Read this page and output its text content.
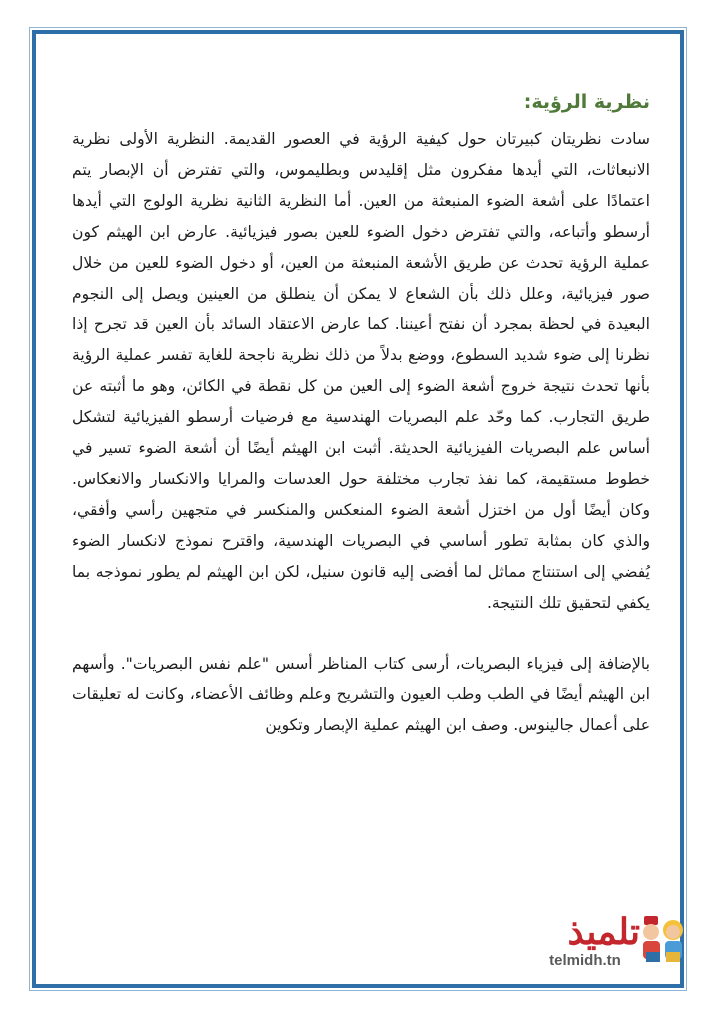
نظرية الرؤية:

سادت نظريتان كبيرتان حول كيفية الرؤية في العصور القديمة. النظرية الأولى نظرية الانبعاثات، التي أيدها مفكرون مثل إقليدس وبطليموس، والتي تفترض أن الإبصار يتم اعتمادًا على أشعة الضوء المنبعثة من العين. أما النظرية الثانية نظرية الولوج التي أيدها أرسطو وأتباعه، والتي تفترض دخول الضوء للعين بصور فيزيائية. عارض ابن الهيثم كون عملية الرؤية تحدث عن طريق الأشعة المنبعثة من العين، أو دخول الضوء للعين من خلال صور فيزيائية، وعلل ذلك بأن الشعاع لا يمكن أن ينطلق من العينين ويصل إلى النجوم البعيدة في لحظة بمجرد أن نفتح أعيننا. كما عارض الاعتقاد السائد بأن العين قد تجرح إذا نظرنا إلى ضوء شديد السطوع، ووضع بدلاً من ذلك نظرية ناجحة للغاية تفسر عملية الرؤية بأنها تحدث نتيجة خروج أشعة الضوء إلى العين من كل نقطة في الكائن، وهو ما أثبته عن طريق التجارب. كما وحّد علم البصريات الهندسية مع فرضيات أرسطو الفيزيائية لتشكل أساس علم البصريات الفيزيائية الحديثة. أثبت ابن الهيثم أيضًا أن أشعة الضوء تسير في خطوط مستقيمة، كما نفذ تجارب مختلفة حول العدسات والمرايا والانكسار والانعكاس. وكان أيضًا أول من اختزل أشعة الضوء المنعكس والمنكسر في متجهين رأسي وأفقي، والذي كان بمثابة تطور أساسي في البصريات الهندسية، واقترح نموذج لانكسار الضوء يُفضي إلى استنتاج مماثل لما أفضى إليه قانون سنيل، لكن ابن الهيثم لم يطور نموذجه بما يكفي لتحقيق تلك النتيجة.

بالإضافة إلى فيزياء البصريات، أرسى كتاب المناظر أسس "علم نفس البصريات". وأسهم ابن الهيثم أيضًا في الطب وطب العيون والتشريح وعلم وظائف الأعضاء، وكانت له تعليقات على أعمال جالينوس. وصف ابن الهيثم عملية الإبصار وتكوين

تلميذ
telmidh.tn
